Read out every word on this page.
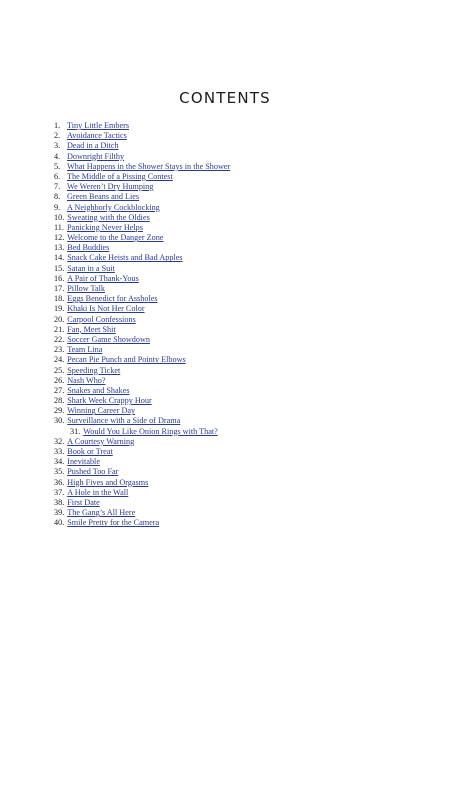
CONTENTS
1. Tiny Little Embers
2. Avoidance Tactics
3. Dead in a Ditch
4. Downright Filthy
5. What Happens in the Shower Stays in the Shower
6. The Middle of a Pissing Contest
7. We Weren’t Dry Humping
8. Green Beans and Lies
9. A Neighborly Cockblocking
10. Sweating with the Oldies
11. Panicking Never Helps
12. Welcome to the Danger Zone
13. Bed Buddies
14. Snack Cake Heists and Bad Apples
15. Satan in a Suit
16. A Pair of Thank-Yous
17. Pillow Talk
18. Eggs Benedict for Assholes
19. Khaki Is Not Her Color
20. Carpool Confessions
21. Fan, Meet Shit
22. Soccer Game Showdown
23. Team Lina
24. Pecan Pie Punch and Pointy Elbows
25. Speeding Ticket
26. Nash Who?
27. Snakes and Shakes
28. Shark Week Crappy Hour
29. Winning Career Day
30. Surveillance with a Side of Drama
31. Would You Like Onion Rings with That?
32. A Courtesy Warning
33. Book or Treat
34. Inevitable
35. Pushed Too Far
36. High Fives and Orgasms
37. A Hole in the Wall
38. First Date
39. The Gang’s All Here
40. Smile Pretty for the Camera
